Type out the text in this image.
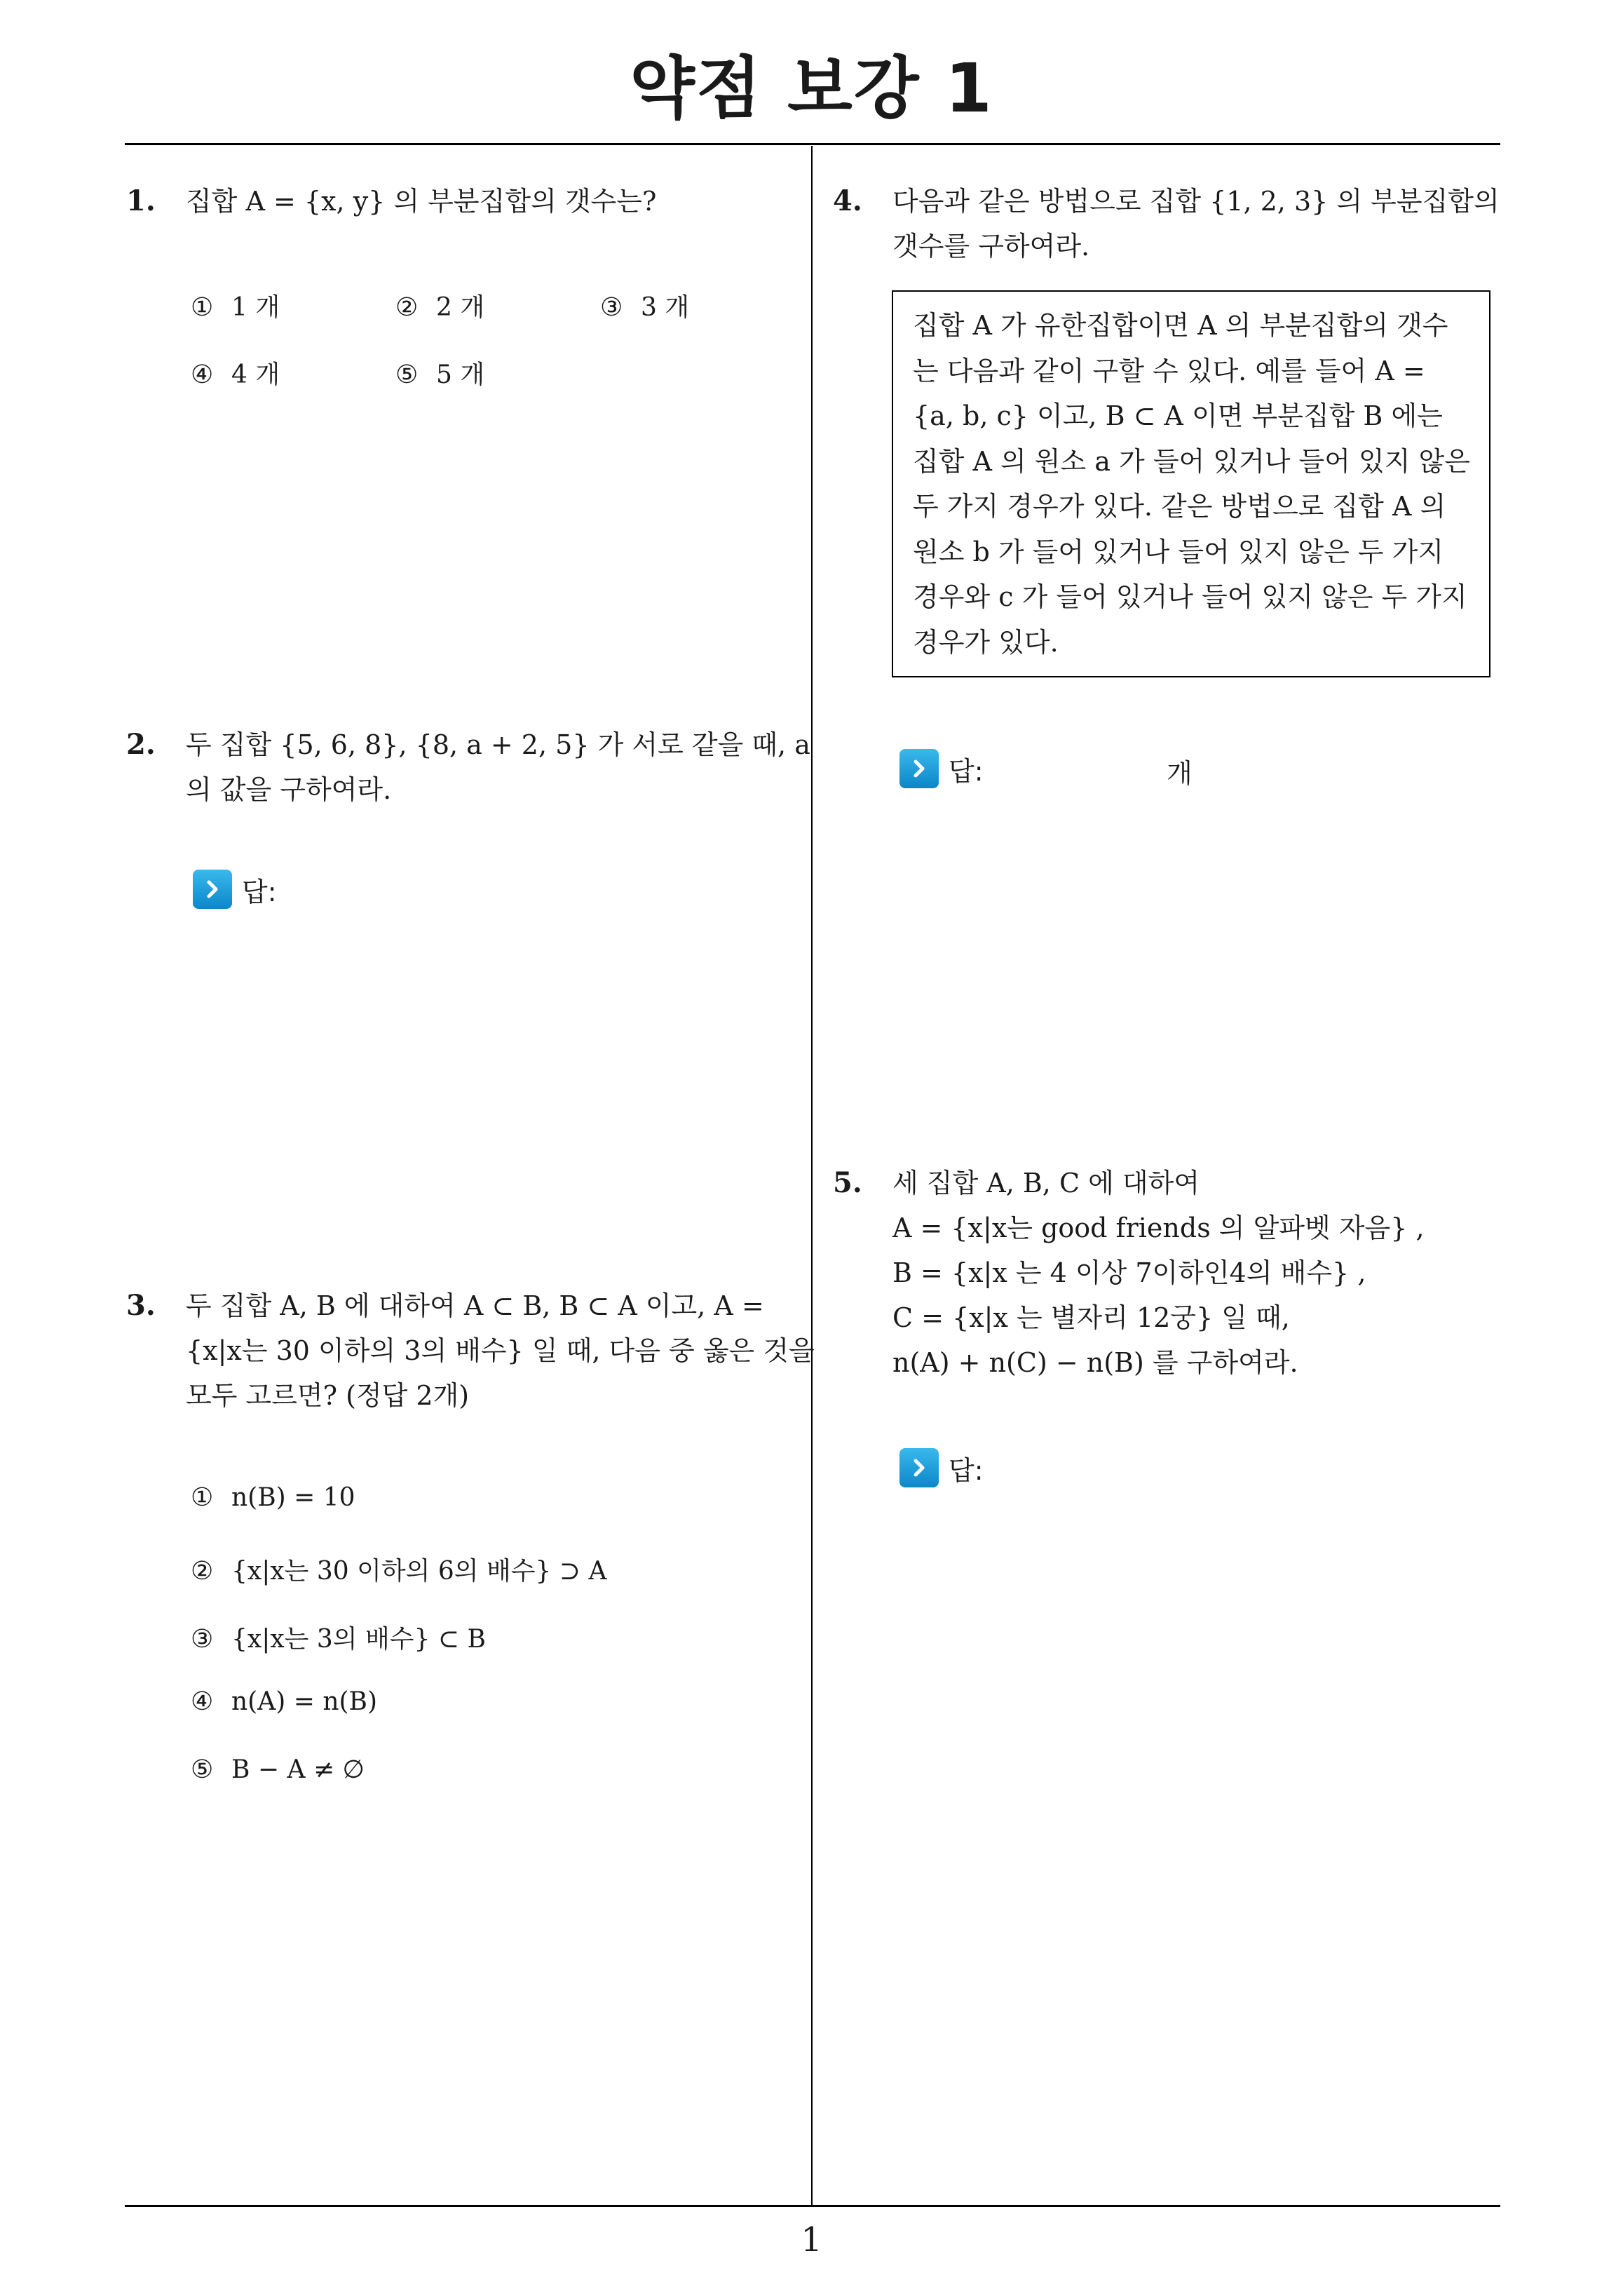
약점 보강 1
1
1. 집합 A = {x, y} 의 부분집합의 갯수는?
① 1 개	② 2 개	③ 3 개
④ 4 개	⑤ 5 개
2. 두 집합 {5, 6, 8}, {8, a + 2, 5} 가 서로 같을 때, a
의 값을 구하여라.
답:
3. 두 집합 A, B 에 대하여 A ⊂ B, B ⊂ A 이고, A =
{x|x는 30 이하의 3의 배수} 일 때, 다음 중 옳은 것을
모두 고르면? (정답 2개)
① n(B) = 10
② {x|x는 30 이하의 6의 배수} ⊃ A
③ {x|x는 3의 배수} ⊂ B
④ n(A) = n(B)
⑤ B − A ≠ ∅
4. 다음과 같은 방법으로 집합 {1, 2, 3} 의 부분집합의
갯수를 구하여라.
집합 A 가 유한집합이면 A 의 부분집합의 갯수
는 다음과 같이 구할 수 있다. 예를 들어 A =
{a, b, c} 이고, B ⊂ A 이면 부분집합 B 에는
집합 A 의 원소 a 가 들어 있거나 들어 있지 않은
두 가지 경우가 있다. 같은 방법으로 집합 A 의
원소 b 가 들어 있거나 들어 있지 않은 두 가지
경우와 c 가 들어 있거나 들어 있지 않은 두 가지
경우가 있다.
답:	개
5. 세 집합 A, B, C 에 대하여
A = {x|x는 good friends 의 알파벳 자음} ,
B = {x|x 는 4 이상 7이하인4의 배수} ,
C = {x|x 는 별자리 12궁} 일 때,
n(A) + n(C) − n(B) 를 구하여라.
답:
